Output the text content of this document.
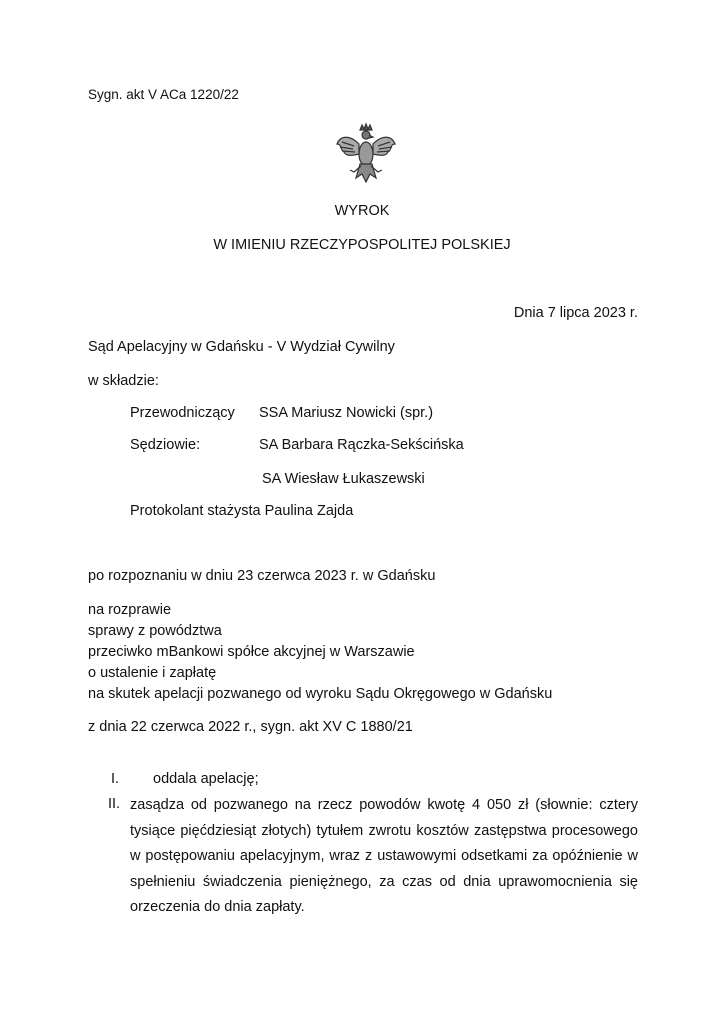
Sygn. akt V ACa 1220/22
WYROK
W IMIENIU RZECZYPOSPOLITEJ POLSKIEJ
Dnia 7 lipca 2023 r.
Sąd Apelacyjny w Gdańsku - V Wydział Cywilny
w składzie:
Przewodniczący SSA Mariusz Nowicki (spr.)
Sędziowie:	SA Barbara Rączka-Sekścińska
SA Wiesław Łukaszewski
Protokolant stażysta Paulina Zajda
po rozpoznaniu w dniu 23 czerwca 2023 r. w Gdańsku
na rozprawie
sprawy z powództwa
przeciwko mBankowi spółce akcyjnej w Warszawie
o ustalenie i zapłatę
na skutek apelacji pozwanego od wyroku Sądu Okręgowego w Gdańsku
z dnia 22 czerwca 2022 r., sygn. akt XV C 1880/21
I. oddala apelację;
II. zasądza od pozwanego na rzecz powodów kwotę 4 050 zł (słownie: cztery tysiące pięćdziesiąt złotych) tytułem zwrotu kosztów zastępstwa procesowego w postępowaniu apelacyjnym, wraz z ustawowymi odsetkami za opóźnienie w spełnieniu świadczenia pieniężnego, za czas od dnia uprawomocnienia się orzeczenia do dnia zapłaty.
